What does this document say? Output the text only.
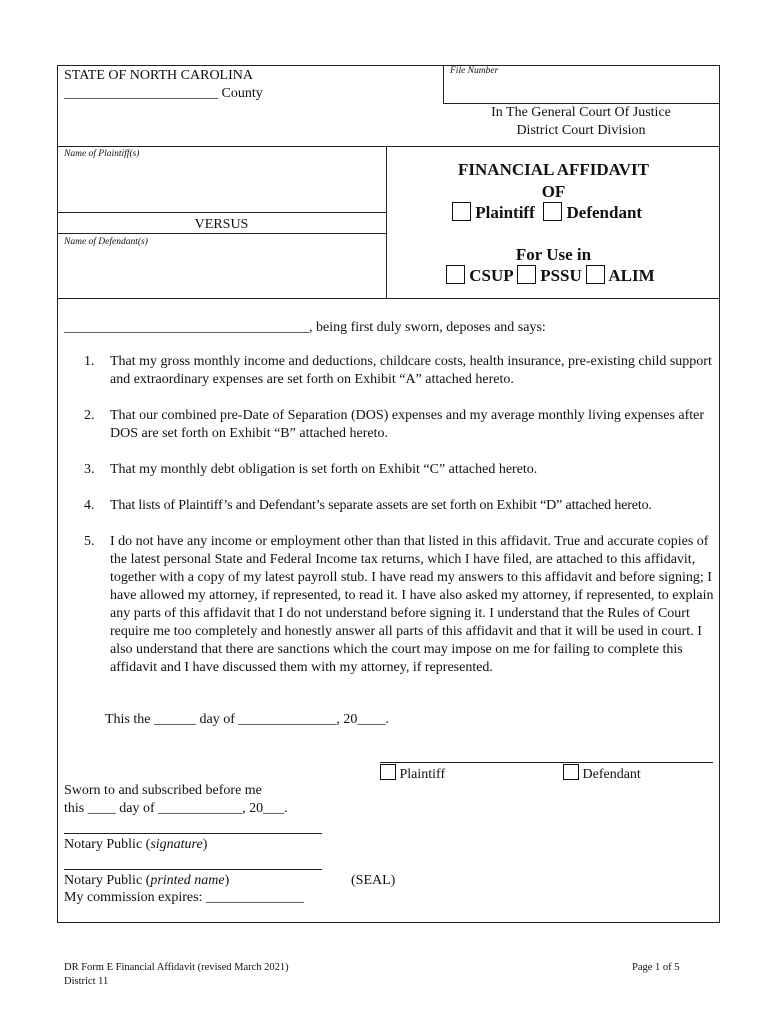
File Number
STATE OF NORTH CAROLINA
______________________ County
In The General Court Of Justice
District Court Division
Name of Plaintiff(s)
VERSUS
Name of Defendant(s)
FINANCIAL AFFIDAVIT
OF
Plaintiff Defendant
For Use in
CSUP PSSU ALIM
___________________________________, being first duly sworn, deposes and says:
1. That my gross monthly income and deductions, childcare costs, health insurance, pre-existing child support and extraordinary expenses are set forth on Exhibit “A” attached hereto.
2. That our combined pre-Date of Separation (DOS) expenses and my average monthly living expenses after DOS are set forth on Exhibit “B” attached hereto.
3. That my monthly debt obligation is set forth on Exhibit “C” attached hereto.
4. That lists of Plaintiff’s and Defendant’s separate assets are set forth on Exhibit “D” attached hereto.
5. I do not have any income or employment other than that listed in this affidavit. True and accurate copies of the latest personal State and Federal Income tax returns, which I have filed, are attached to this affidavit, together with a copy of my latest payroll stub. I have read my answers to this affidavit and before signing; I have allowed my attorney, if represented, to read it. I have also asked my attorney, if represented, to explain any parts of this affidavit that I do not understand before signing it. I understand that the Rules of Court require me too completely and honestly answer all parts of this affidavit and that it will be used in court. I also understand that there are sanctions which the court may impose on me for failing to complete this affidavit and I have discussed them with my attorney, if represented.
This the ______ day of ______________, 20____.
Plaintiff	Defendant
Sworn to and subscribed before me
this ____ day of ____________, 20___.
Notary Public (signature)
Notary Public (printed name)	(SEAL)
My commission expires: ______________
DR Form E Financial Affidavit (revised March 2021)
District 11
Page 1 of 5
